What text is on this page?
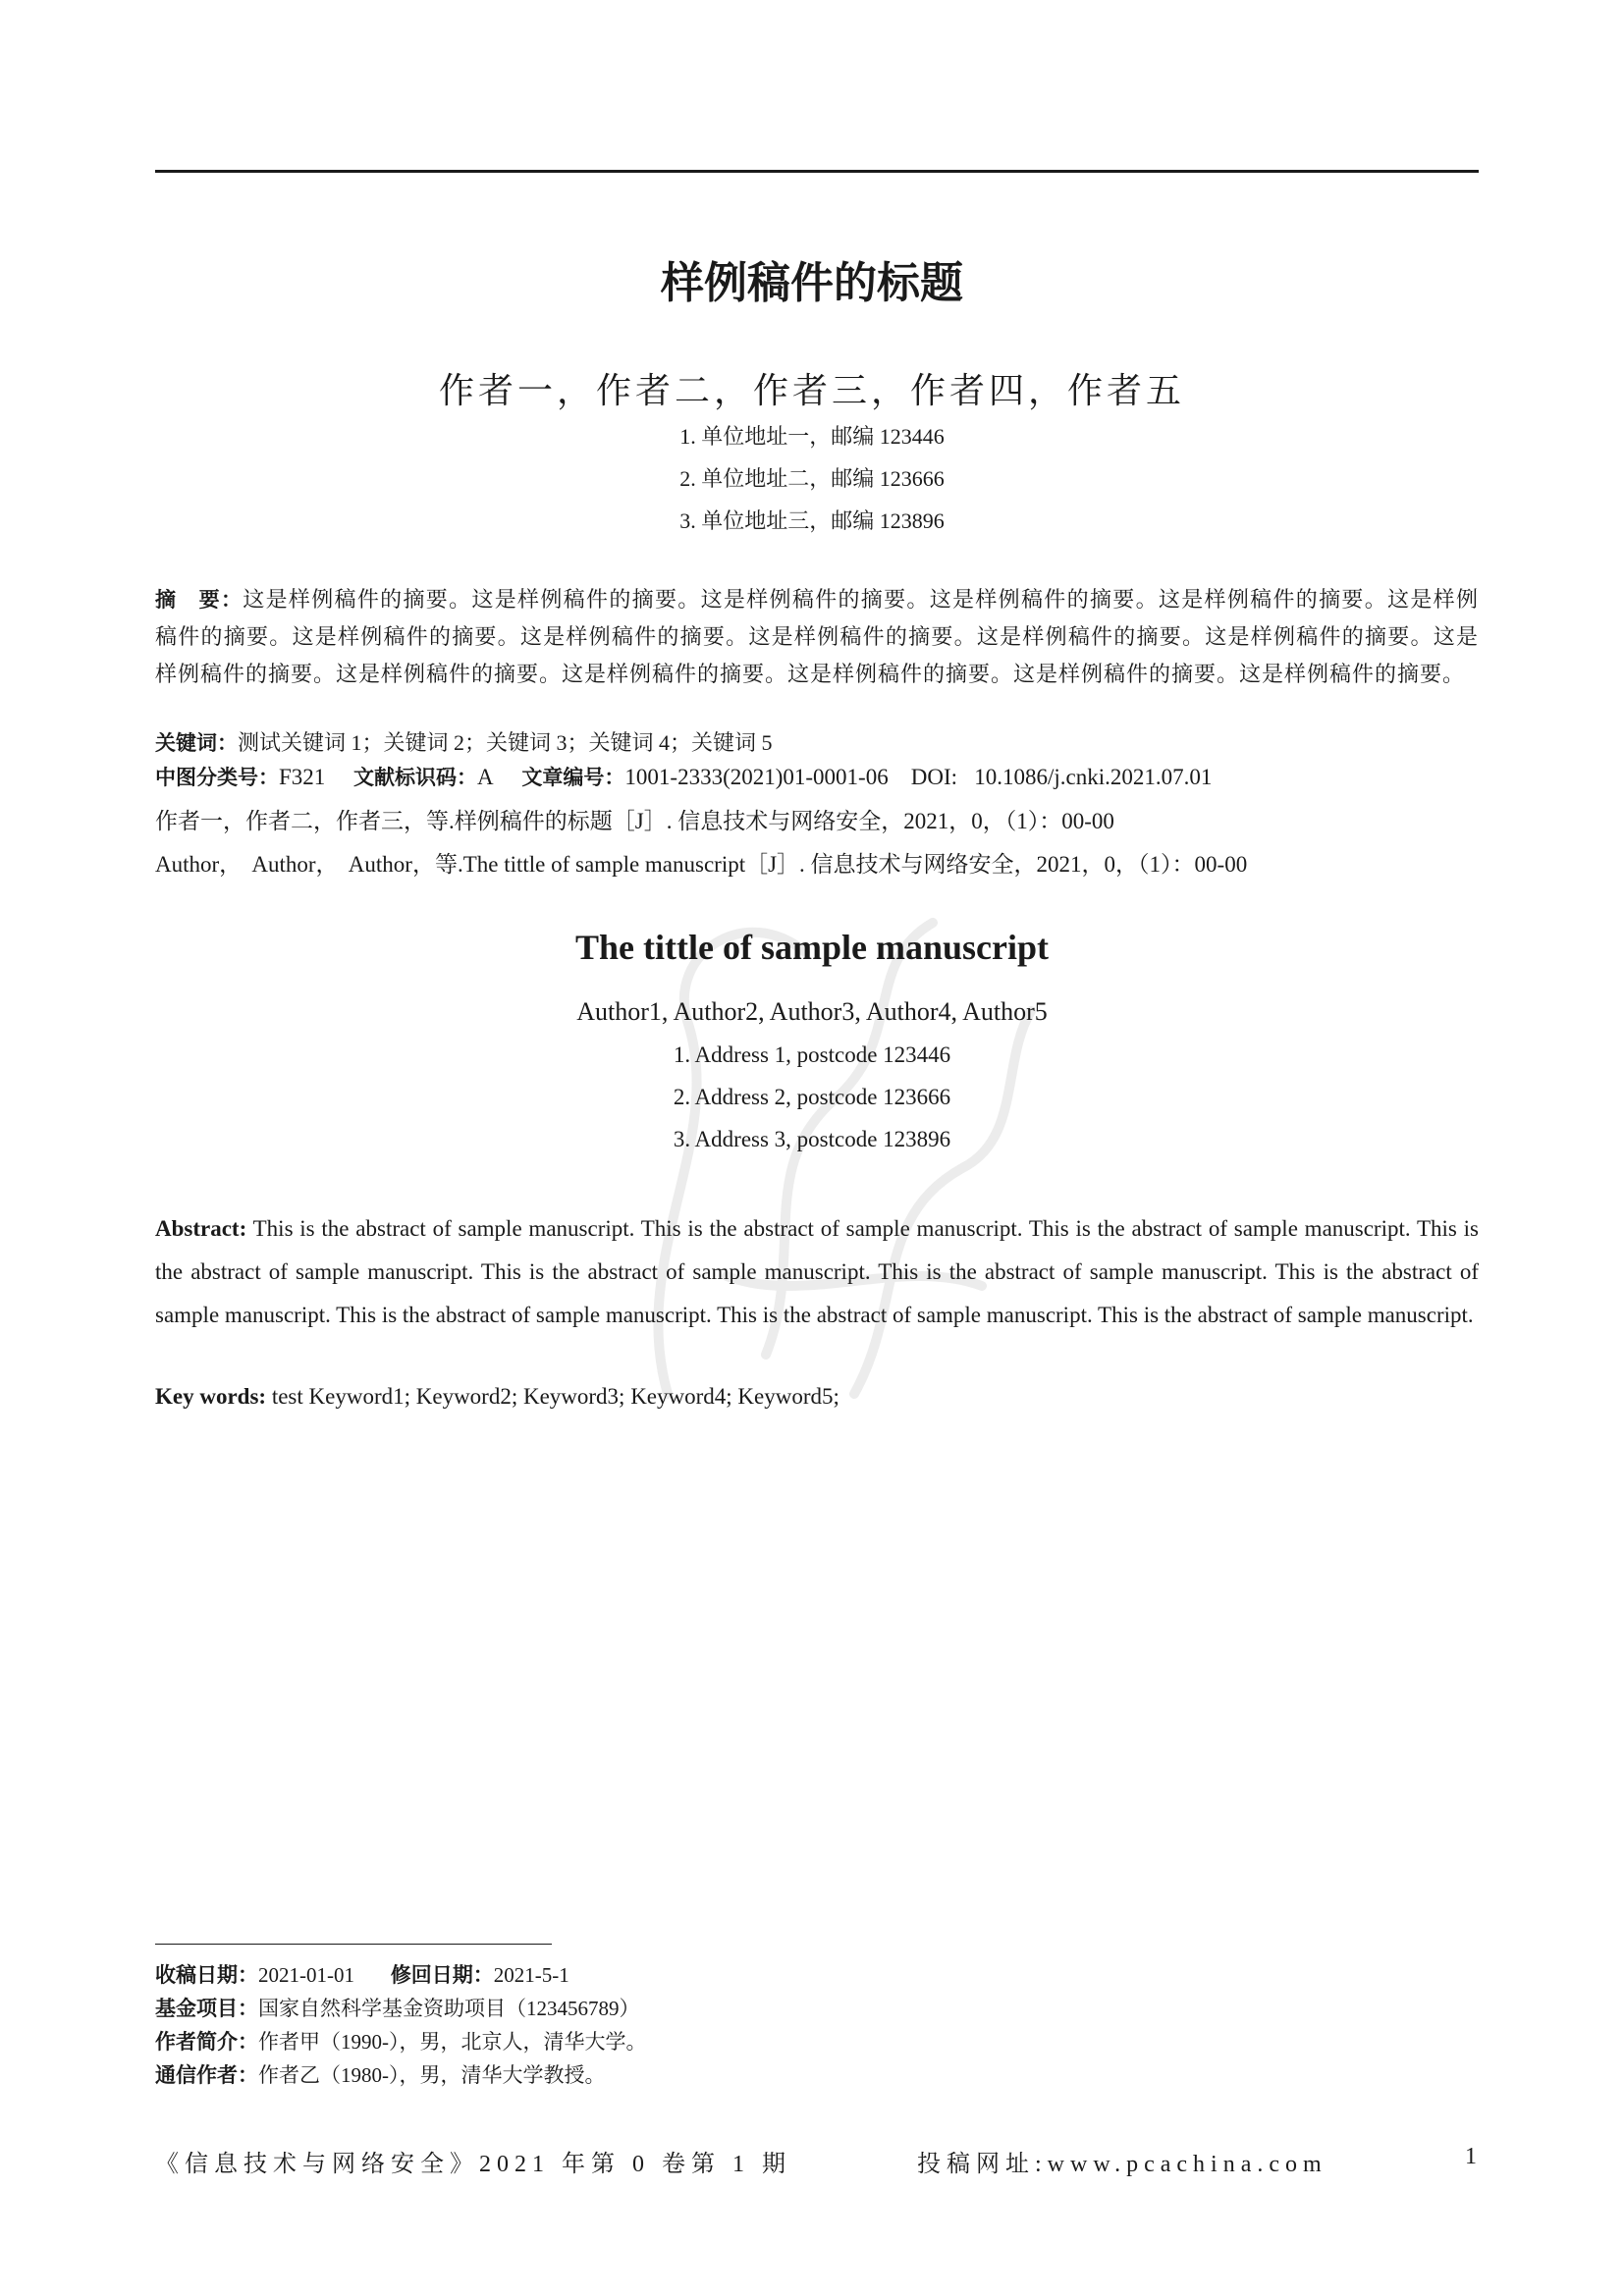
样例稿件的标题
作者一，作者二，作者三，作者四，作者五
1. 单位地址一，邮编 123446
2. 单位地址二，邮编 123666
3. 单位地址三，邮编 123896
摘　要：这是样例稿件的摘要。这是样例稿件的摘要。这是样例稿件的摘要。这是样例稿件的摘要。这是样例稿件的摘要。这是样例稿件的摘要。这是样例稿件的摘要。这是样例稿件的摘要。这是样例稿件的摘要。这是样例稿件的摘要。这是样例稿件的摘要。这是样例稿件的摘要。这是样例稿件的摘要。这是样例稿件的摘要。这是样例稿件的摘要。这是样例稿件的摘要。这是样例稿件的摘要。
关键词：测试关键词 1；关键词 2；关键词 3；关键词 4；关键词 5
中图分类号：F321 文献标识码：A 文章编号：1001-2333(2021)01-0001-06 DOI: 10.1086/j.cnki.2021.07.01
作者一，作者二，作者三，等.样例稿件的标题［J］. 信息技术与网络安全，2021，0，（1）：00-00
Author，  Author，  Author，等.The tittle of sample manuscript［J］. 信息技术与网络安全，2021，0，（1）：00-00
The tittle of sample manuscript
Author1, Author2, Author3, Author4, Author5
1. Address 1, postcode 123446
2. Address 2, postcode 123666
3. Address 3, postcode 123896
Abstract: This is the abstract of sample manuscript. This is the abstract of sample manuscript. This is the abstract of sample manuscript. This is the abstract of sample manuscript. This is the abstract of sample manuscript. This is the abstract of sample manuscript. This is the abstract of sample manuscript. This is the abstract of sample manuscript. This is the abstract of sample manuscript. This is the abstract of sample manuscript.
Key words: test Keyword1; Keyword2; Keyword3; Keyword4; Keyword5;
收稿日期：2021-01-01 修回日期：2021-5-1
基金项目：国家自然科学基金资助项目（123456789）
作者简介：作者甲（1990-），男，北京人，清华大学。
通信作者：作者乙（1980-），男，清华大学教授。
《信息技术与网络安全》2021 年第 0 卷第 1 期	投稿网址:www.pcachina.com	1
